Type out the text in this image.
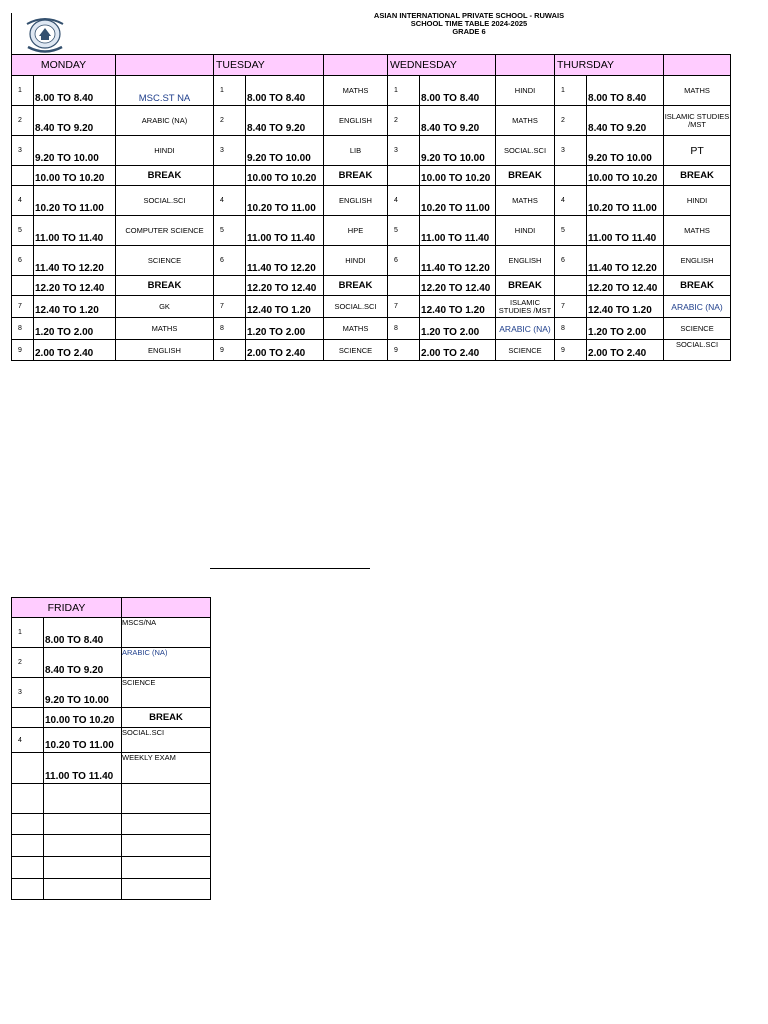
ASIAN INTERNATIONAL PRIVATE SCHOOL - RUWAIS
SCHOOL TIME TABLE 2024-2025
GRADE 6
MONDAY			TUESDAY			WEDNESDAY			THURSDAY		
1	8.00 TO 8.40	MSC.ST NA	1	8.00 TO 8.40	MATHS	1	8.00 TO 8.40	HINDI	1	8.00 TO 8.40	MATHS
2	8.40 TO 9.20	ARABIC (NA)	2	8.40 TO 9.20	ENGLISH	2	8.40 TO 9.20	MATHS	2	8.40 TO 9.20	ISLAMIC STUDIES /MST
3	9.20 TO 10.00	HINDI	3	9.20 TO 10.00	LIB	3	9.20 TO 10.00	SOCIAL.SCI	3	9.20 TO 10.00	PT
	10.00 TO 10.20	BREAK		10.00 TO 10.20	BREAK		10.00 TO 10.20	BREAK		10.00 TO 10.20	BREAK
4	10.20 TO 11.00	SOCIAL.SCI	4	10.20 TO 11.00	ENGLISH	4	10.20 TO 11.00	MATHS	4	10.20 TO 11.00	HINDI
5	11.00 TO 11.40	COMPUTER SCIENCE	5	11.00 TO 11.40	HPE	5	11.00 TO 11.40	HINDI	5	11.00 TO 11.40	MATHS
6	11.40 TO 12.20	SCIENCE	6	11.40 TO 12.20	HINDI	6	11.40 TO 12.20	ENGLISH	6	11.40 TO 12.20	ENGLISH
	12.20 TO 12.40	BREAK		12.20 TO 12.40	BREAK		12.20 TO 12.40	BREAK		12.20 TO 12.40	BREAK
7	12.40 TO 1.20	GK	7	12.40 TO 1.20	SOCIAL.SCI	7	12.40 TO 1.20	ISLAMIC STUDIES /MST	7	12.40 TO 1.20	ARABIC (NA)
8	1.20 TO 2.00	MATHS	8	1.20 TO 2.00	MATHS	8	1.20 TO 2.00	ARABIC (NA)	8	1.20 TO 2.00	SCIENCE
9	2.00 TO 2.40	ENGLISH	9	2.00 TO 2.40	SCIENCE	9	2.00 TO 2.40	SCIENCE	9	2.00 TO 2.40	SOCIAL.SCI
FRIDAY		
1	8.00 TO 8.40	MSCS/NA
2	8.40 TO 9.20	ARABIC (NA)
3	9.20 TO 10.00	SCIENCE
	10.00 TO 10.20	BREAK
4	10.20 TO 11.00	SOCIAL.SCI
	11.00 TO 11.40	WEEKLY EXAM
